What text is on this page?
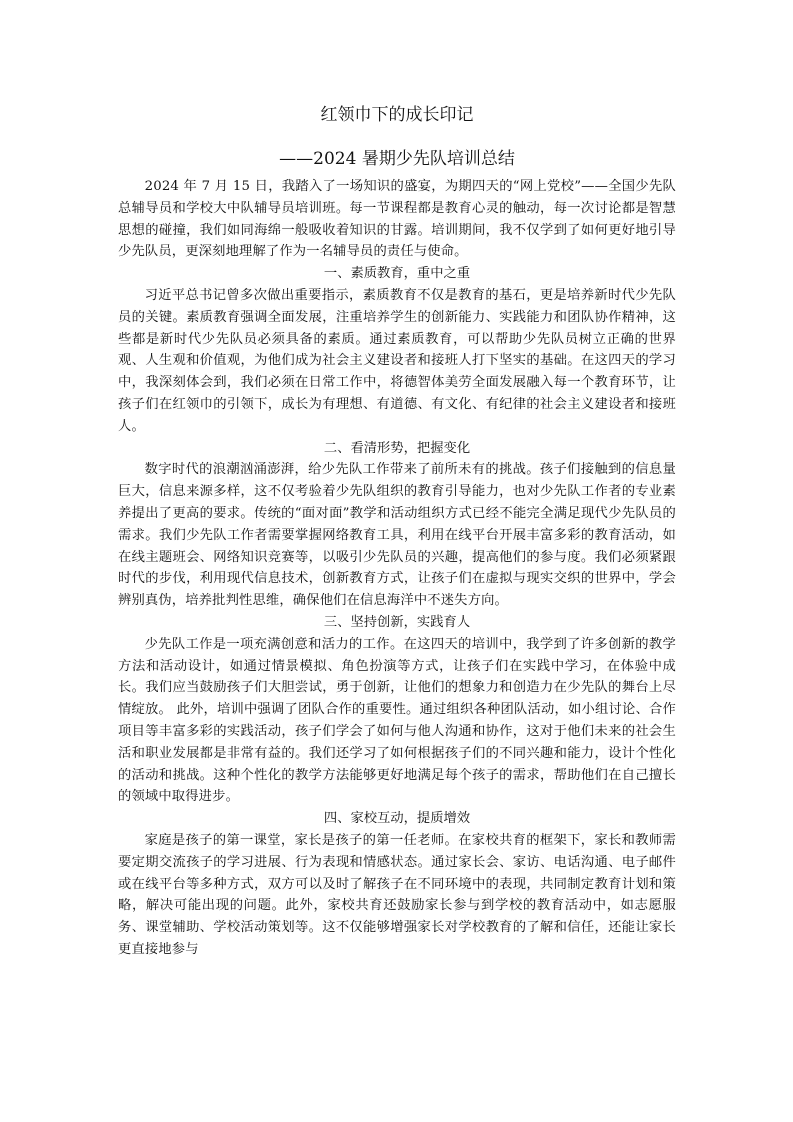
红领巾下的成长印记
——2024 暑期少先队培训总结

2024 年 7 月 15 日，我踏入了一场知识的盛宴，为期四天的“网上党校”——全国少先队总辅导员和学校大中队辅导员培训班。每一节课程都是教育心灵的触动，每一次讨论都是智慧思想的碰撞，我们如同海绵一般吸收着知识的甘露。培训期间，我不仅学到了如何更好地引导少先队员，更深刻地理解了作为一名辅导员的责任与使命。

一、素质教育，重中之重

习近平总书记曾多次做出重要指示，素质教育不仅是教育的基石，更是培养新时代少先队员的关键。素质教育强调全面发展，注重培养学生的创新能力、实践能力和团队协作精神，这些都是新时代少先队员必须具备的素质。通过素质教育，可以帮助少先队员树立正确的世界观、人生观和价值观，为他们成为社会主义建设者和接班人打下坚实的基础。在这四天的学习中，我深刻体会到，我们必须在日常工作中，将德智体美劳全面发展融入每一个教育环节，让孩子们在红领巾的引领下，成长为有理想、有道德、有文化、有纪律的社会主义建设者和接班人。

二、看清形势，把握变化

数字时代的浪潮汹涌澎湃，给少先队工作带来了前所未有的挑战。孩子们接触到的信息量巨大，信息来源多样，这不仅考验着少先队组织的教育引导能力，也对少先队工作者的专业素养提出了更高的要求。传统的“面对面”教学和活动组织方式已经不能完全满足现代少先队员的需求。我们少先队工作者需要掌握网络教育工具，利用在线平台开展丰富多彩的教育活动，如在线主题班会、网络知识竞赛等，以吸引少先队员的兴趣，提高他们的参与度。我们必须紧跟时代的步伐，利用现代信息技术，创新教育方式，让孩子们在虚拟与现实交织的世界中，学会辨别真伪，培养批判性思维，确保他们在信息海洋中不迷失方向。

三、坚持创新，实践育人

少先队工作是一项充满创意和活力的工作。在这四天的培训中，我学到了许多创新的教学方法和活动设计，如通过情景模拟、角色扮演等方式，让孩子们在实践中学习，在体验中成长。我们应当鼓励孩子们大胆尝试，勇于创新，让他们的想象力和创造力在少先队的舞台上尽情绽放。 此外，培训中强调了团队合作的重要性。通过组织各种团队活动，如小组讨论、合作项目等丰富多彩的实践活动，孩子们学会了如何与他人沟通和协作，这对于他们未来的社会生活和职业发展都是非常有益的。我们还学习了如何根据孩子们的不同兴趣和能力，设计个性化的活动和挑战。这种个性化的教学方法能够更好地满足每个孩子的需求，帮助他们在自己擅长的领域中取得进步。

四、家校互动，提质增效

家庭是孩子的第一课堂，家长是孩子的第一任老师。在家校共育的框架下，家长和教师需要定期交流孩子的学习进展、行为表现和情感状态。通过家长会、家访、电话沟通、电子邮件或在线平台等多种方式，双方可以及时了解孩子在不同环境中的表现，共同制定教育计划和策略，解决可能出现的问题。此外，家校共育还鼓励家长参与到学校的教育活动中，如志愿服务、课堂辅助、学校活动策划等。这不仅能够增强家长对学校教育的了解和信任，还能让家长更直接地参与
